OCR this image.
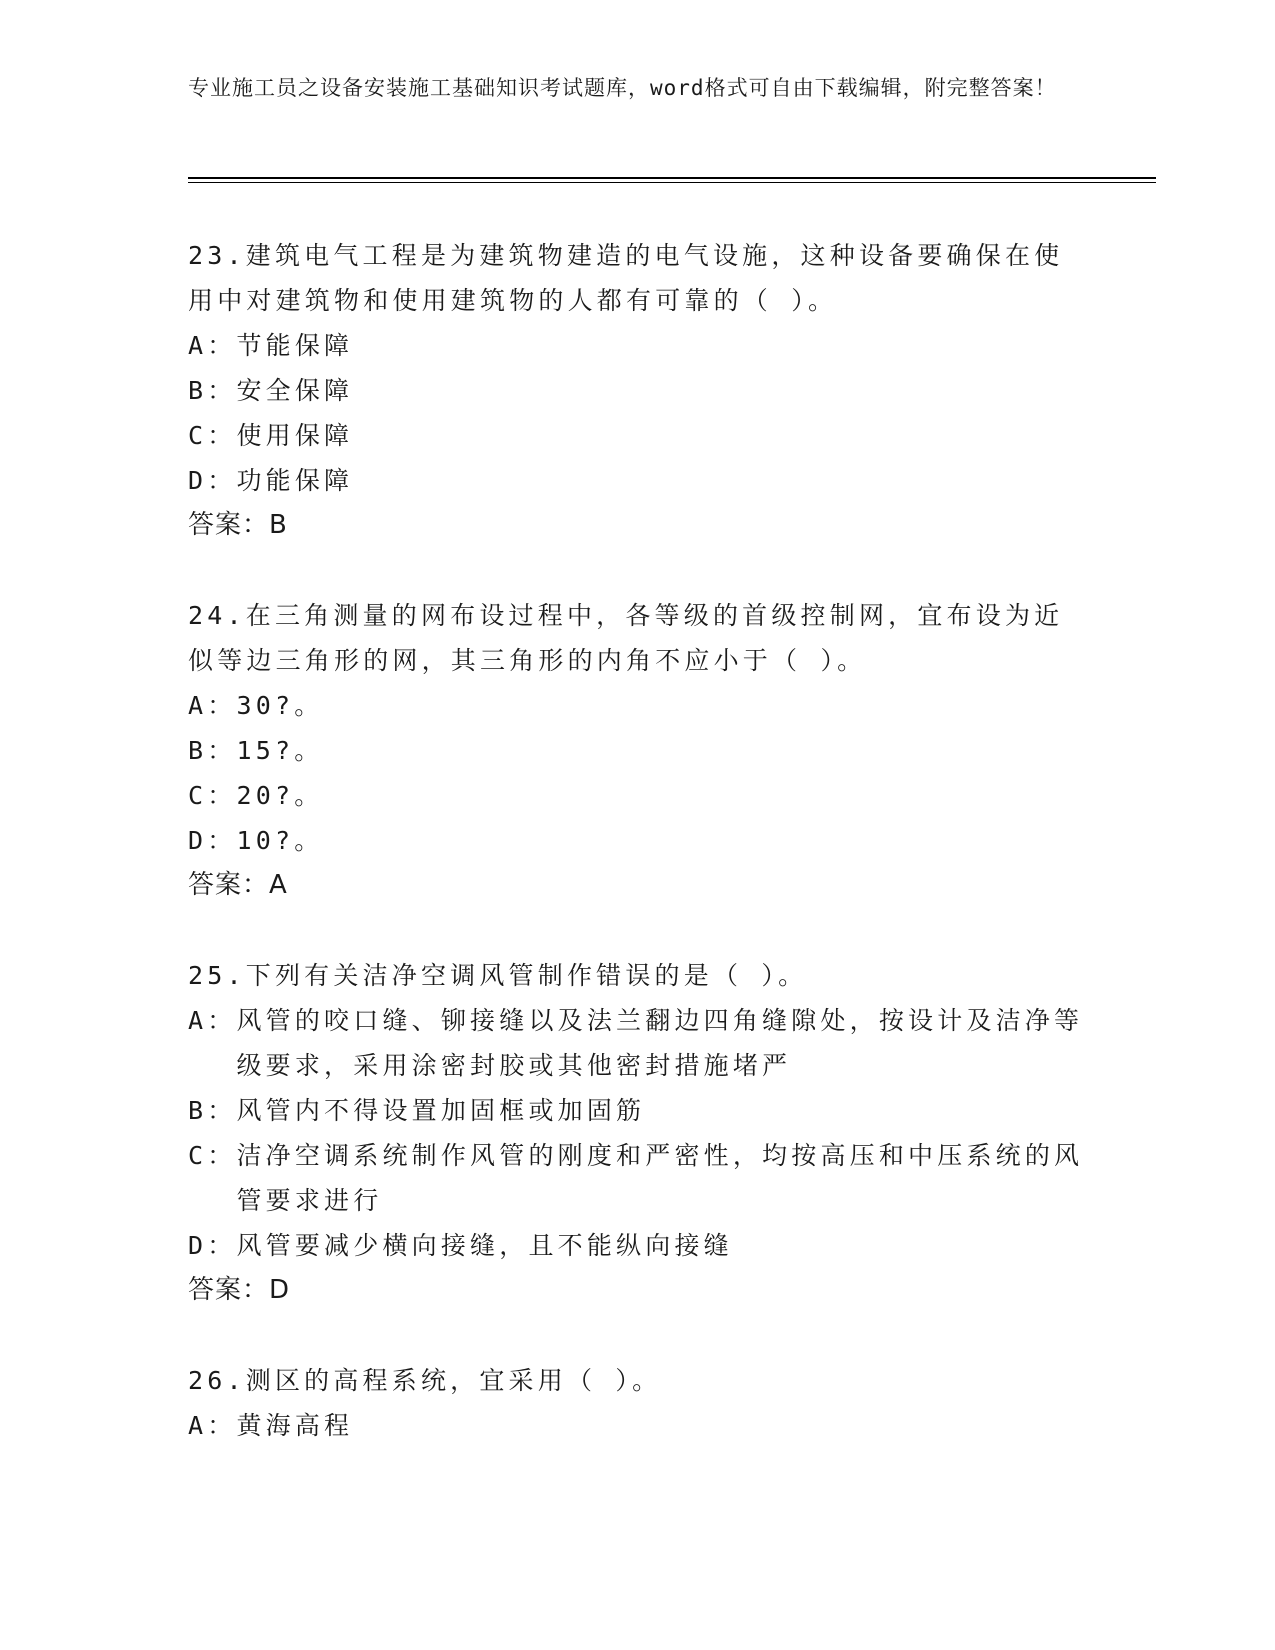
专业施工员之设备安装施工基础知识考试题库，word格式可自由下载编辑，附完整答案！
23.建筑电气工程是为建筑物建造的电气设施，这种设备要确保在使用中对建筑物和使用建筑物的人都有可靠的（ ）。
A： 节能保障
B： 安全保障
C： 使用保障
D： 功能保障
答案：B
24.在三角测量的网布设过程中，各等级的首级控制网，宜布设为近似等边三角形的网，其三角形的内角不应小于（ ）。
A： 30?。
B： 15?。
C： 20?。
D： 10?。
答案：A
25.下列有关洁净空调风管制作错误的是（ ）。
A： 风管的咬口缝、铆接缝以及法兰翻边四角缝隙处，按设计及洁净等级要求，采用涂密封胶或其他密封措施堵严
B： 风管内不得设置加固框或加固筋
C： 洁净空调系统制作风管的刚度和严密性，均按高压和中压系统的风管要求进行
D： 风管要减少横向接缝，且不能纵向接缝
答案：D
26.测区的高程系统，宜采用（ ）。
A： 黄海高程
